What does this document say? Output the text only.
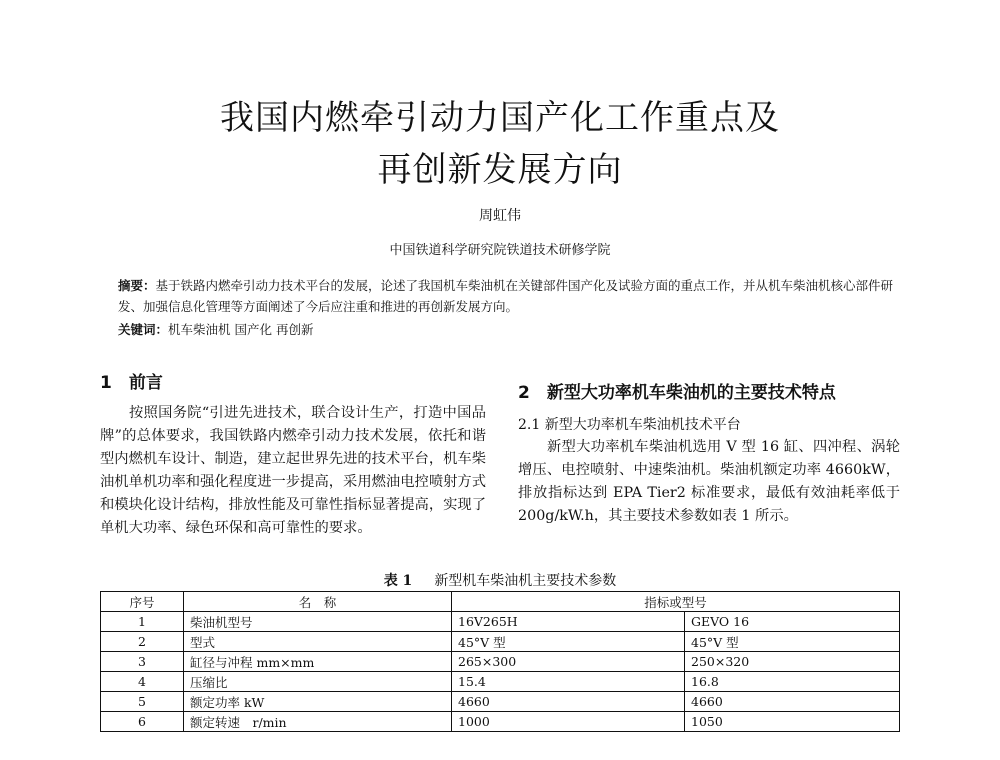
我国内燃牵引动力国产化工作重点及
再创新发展方向
周虹伟
中国铁道科学研究院铁道技术研修学院
摘要：基于铁路内燃牵引动力技术平台的发展，论述了我国机车柴油机在关键部件国产化及试验方面的重点工作，并从机车柴油机核心部件研发、加强信息化管理等方面阐述了今后应注重和推进的再创新发展方向。
关键词：机车柴油机 国产化 再创新
1　前言
按照国务院“引进先进技术，联合设计生产，打造中国品牌”的总体要求，我国铁路内燃牵引动力技术发展，依托和谐型内燃机车设计、制造，建立起世界先进的技术平台，机车柴油机单机功率和强化程度进一步提高，采用燃油电控喷射方式和模块化设计结构，排放性能及可靠性指标显著提高，实现了单机大功率、绿色环保和高可靠性的要求。
2　新型大功率机车柴油机的主要技术特点
2.1 新型大功率机车柴油机技术平台
新型大功率机车柴油机选用 V 型 16 缸、四冲程、涡轮增压、电控喷射、中速柴油机。柴油机额定功率 4660kW，排放指标达到 EPA Tier2 标准要求，最低有效油耗率低于 200g/kW.h，其主要技术参数如表 1 所示。
表 1 新型机车柴油机主要技术参数
序号	名　称	指标或型号	
1	柴油机型号	16V265H	GEVO 16
2	型式	45°V 型	45°V 型
3	缸径与冲程 mm×mm	265×300	250×320
4	压缩比	15.4	16.8
5	额定功率 kW	4660	4660
6	额定转速　r/min	1000	1050
